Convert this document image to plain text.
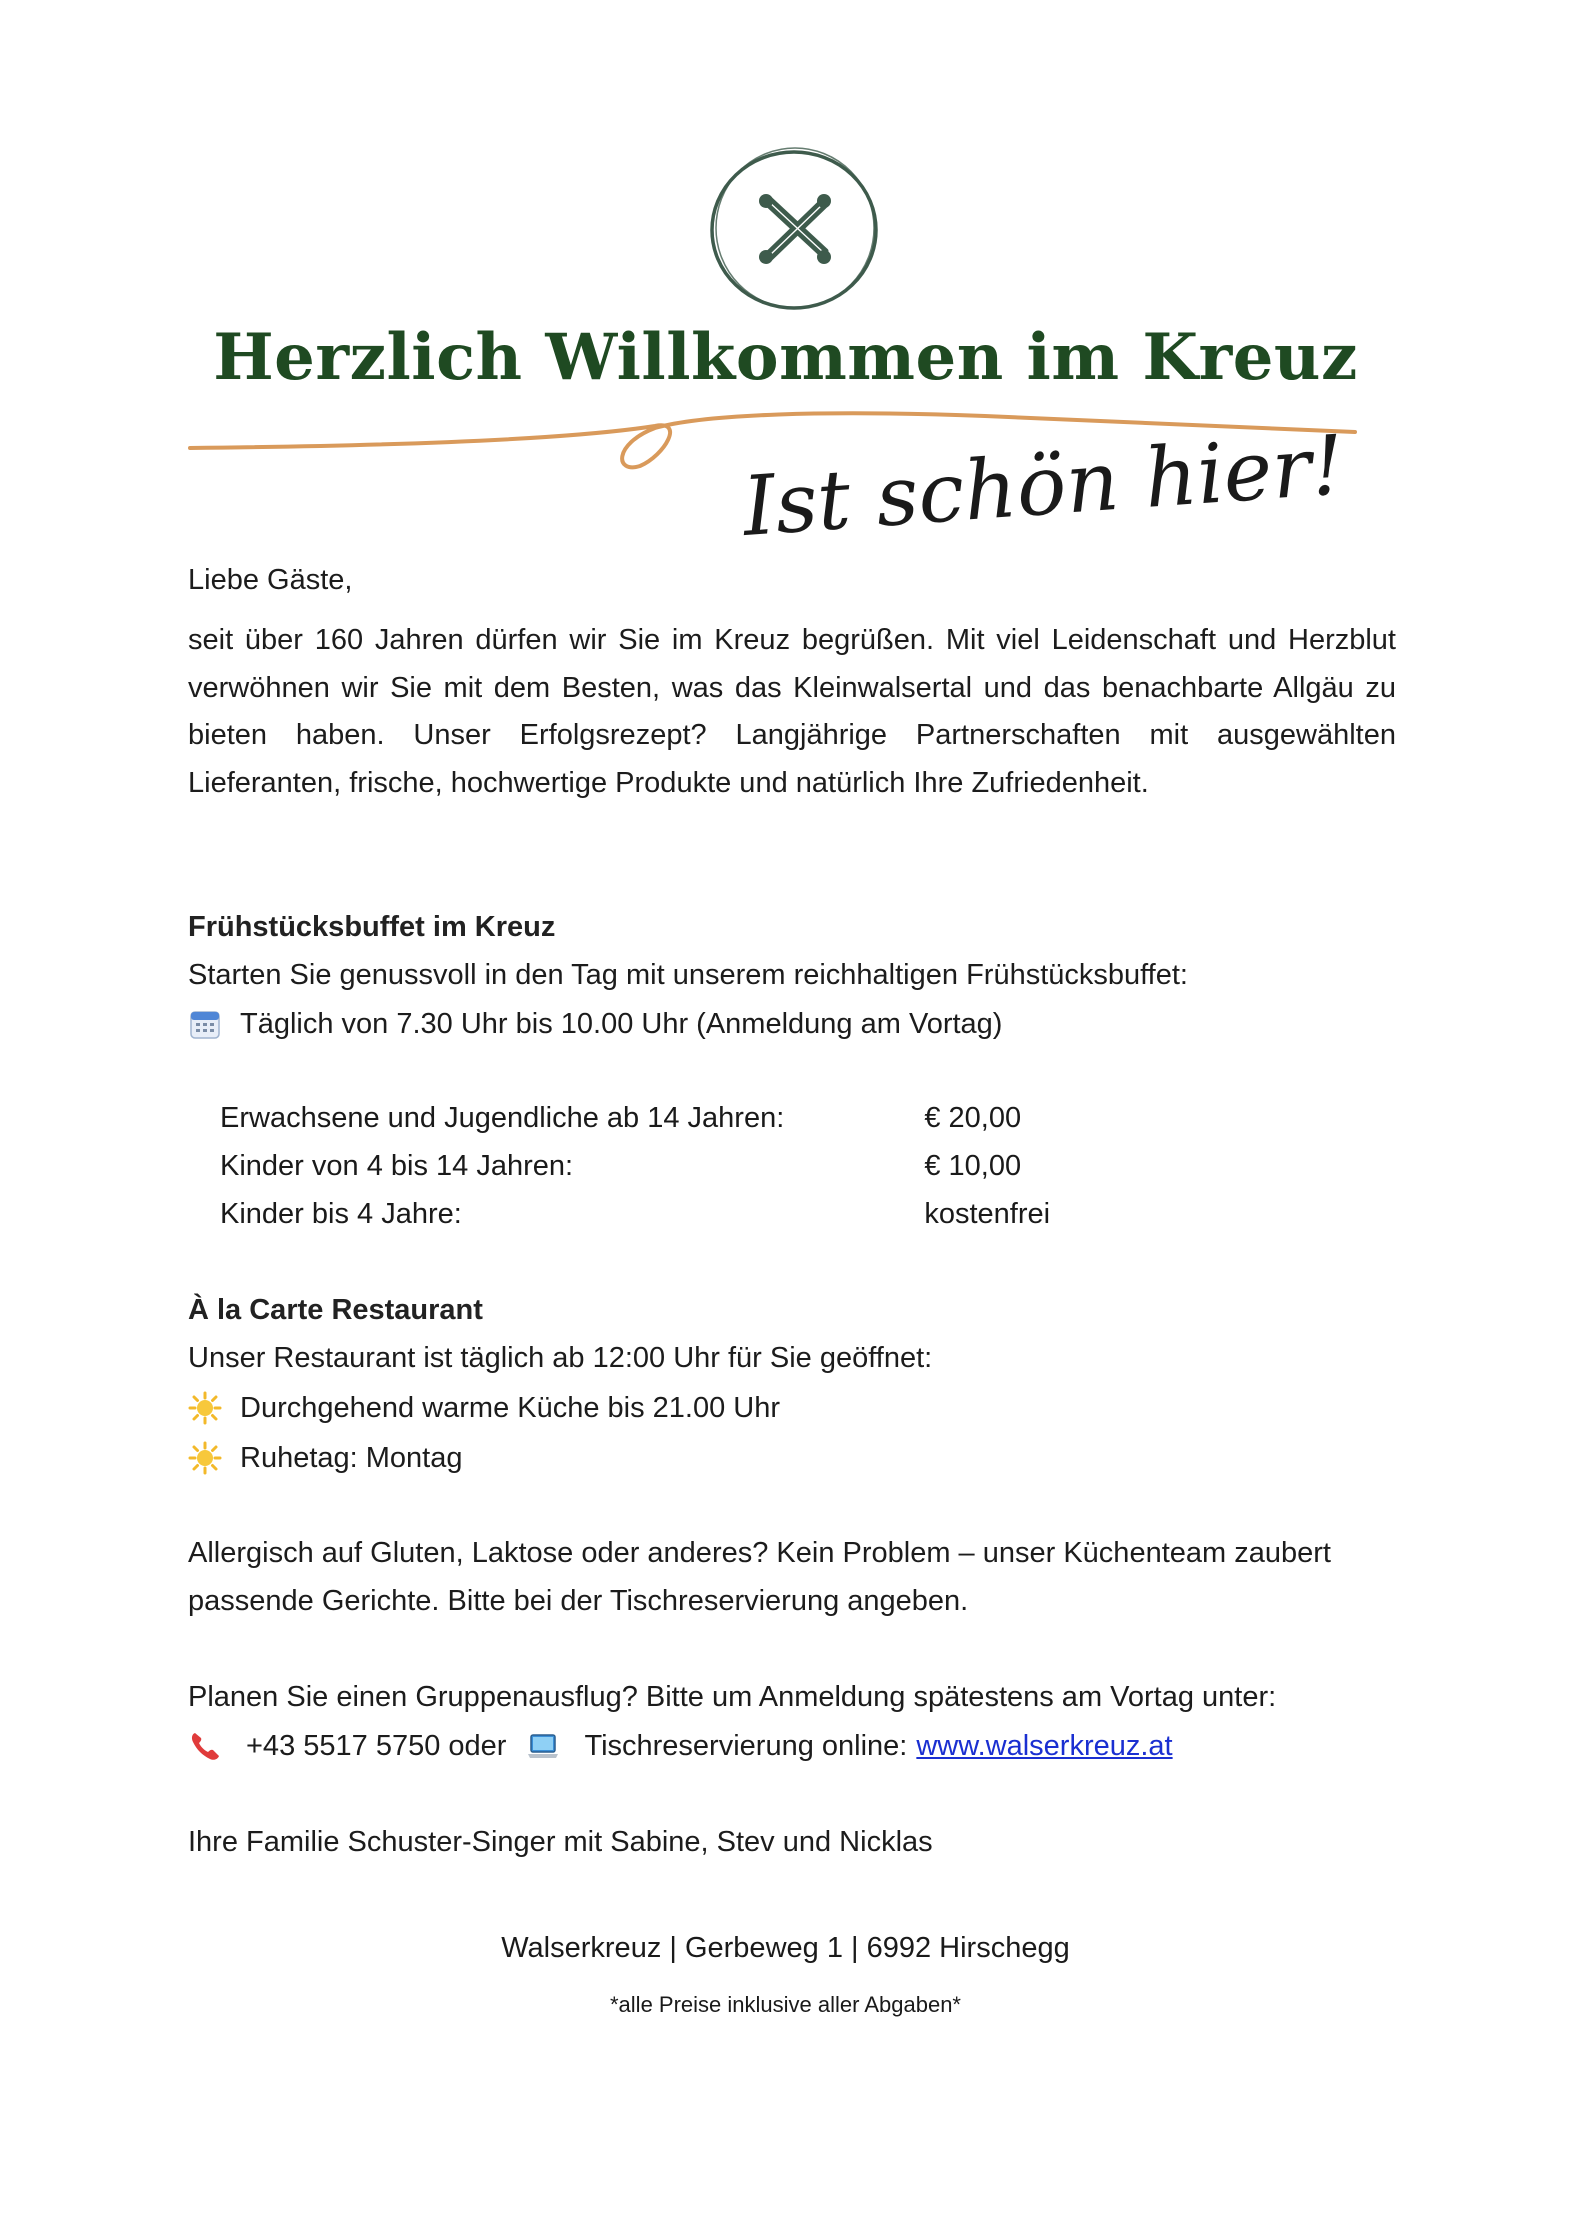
Herzlich Willkommen im Kreuz
Ist schön hier!
Liebe Gäste,
seit über 160 Jahren dürfen wir Sie im Kreuz begrüßen. Mit viel Leidenschaft und Herzblut verwöhnen wir Sie mit dem Besten, was das Kleinwalsertal und das benachbarte Allgäu zu bieten haben. Unser Erfolgsrezept? Langjährige Partnerschaften mit ausgewählten Lieferanten, frische, hochwertige Produkte und natürlich Ihre Zufriedenheit.
Frühstücksbuffet im Kreuz
Starten Sie genussvoll in den Tag mit unserem reichhaltigen Frühstücksbuffet:
Täglich von 7.30 Uhr bis 10.00 Uhr (Anmeldung am Vortag)
Erwachsene und Jugendliche ab 14 Jahren:	€ 20,00
Kinder von 4 bis 14 Jahren:	€ 10,00
Kinder bis 4 Jahre:	kostenfrei
À la Carte Restaurant
Unser Restaurant ist täglich ab 12:00 Uhr für Sie geöffnet:
Durchgehend warme Küche bis 21.00 Uhr
Ruhetag: Montag
Allergisch auf Gluten, Laktose oder anderes? Kein Problem – unser Küchenteam zaubert passende Gerichte. Bitte bei der Tischreservierung angeben.
Planen Sie einen Gruppenausflug? Bitte um Anmeldung spätestens am Vortag unter:
+43 5517 5750 oder	Tischreservierung online: www.walserkreuz.at
Ihre Familie Schuster-Singer mit Sabine, Stev und Nicklas
Walserkreuz | Gerbeweg 1 | 6992 Hirschegg
*alle Preise inklusive aller Abgaben*
